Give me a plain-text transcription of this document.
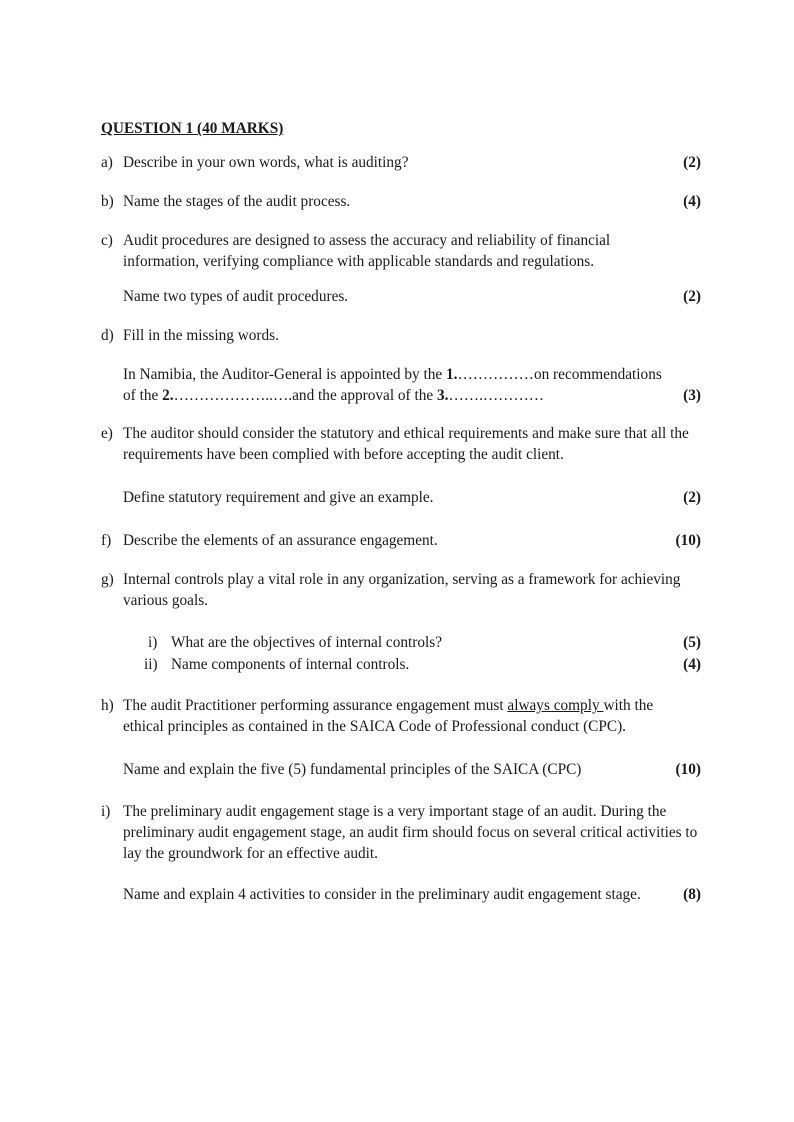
QUESTION 1 (40 MARKS)
a) Describe in your own words, what is auditing?	(2)
b) Name the stages of the audit process.	(4)
c) Audit procedures are designed to assess the accuracy and reliability of financial information, verifying compliance with applicable standards and regulations.
Name two types of audit procedures.	(2)
d) Fill in the missing words.
In Namibia, the Auditor-General is appointed by the 1.……………on recommendations
of the 2.………………..….and the approval of the 3.…….…………	(3)
e) The auditor should consider the statutory and ethical requirements and make sure that all the requirements have been complied with before accepting the audit client.
Define statutory requirement and give an example.	(2)
f) Describe the elements of an assurance engagement.	(10)
g) Internal controls play a vital role in any organization, serving as a framework for achieving various goals.
i) What are the objectives of internal controls?	(5)
ii) Name components of internal controls.	(4)
h) The audit Practitioner performing assurance engagement must always comply with the ethical principles as contained in the SAICA Code of Professional conduct (CPC).
Name and explain the five (5) fundamental principles of the SAICA (CPC)	(10)
i) The preliminary audit engagement stage is a very important stage of an audit. During the preliminary audit engagement stage, an audit firm should focus on several critical activities to lay the groundwork for an effective audit.
Name and explain 4 activities to consider in the preliminary audit engagement stage.	(8)
